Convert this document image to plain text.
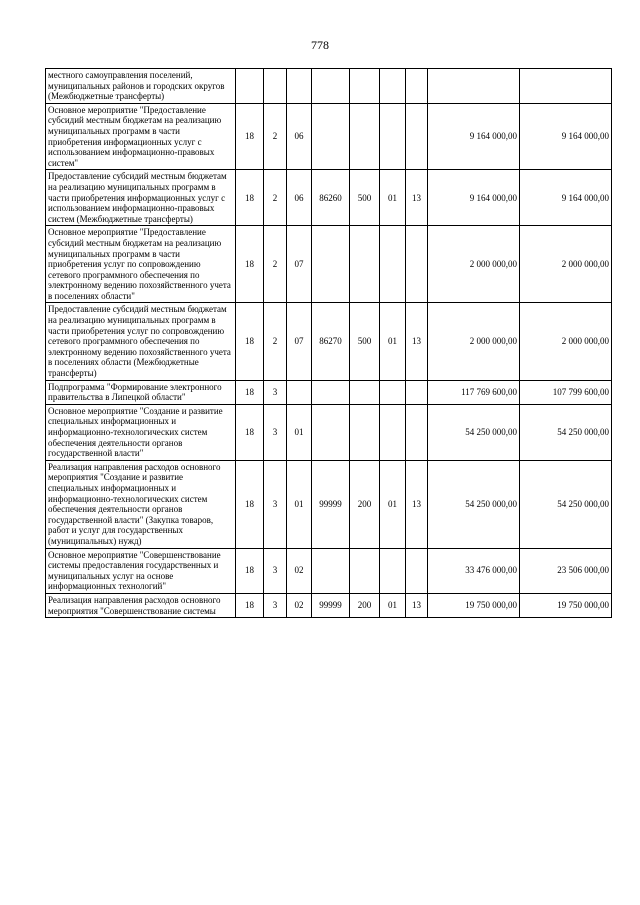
778
местного самоуправления поселений, муниципальных районов и городских округов (Межбюджетные трансферты)									
Основное мероприятие "Предоставление субсидий местным бюджетам на реализацию муниципальных программ в части приобретения информационных услуг с использованием информационно-правовых систем"	18	2	06					9 164 000,00	9 164 000,00
Предоставление субсидий местным бюджетам на реализацию муниципальных программ в части приобретения информационных услуг с использованием информационно-правовых систем (Межбюджетные трансферты)	18	2	06	86260	500	01	13	9 164 000,00	9 164 000,00
Основное мероприятие "Предоставление субсидий местным бюджетам на реализацию муниципальных программ в части приобретения услуг по сопровождению сетевого программного обеспечения по электронному ведению похозяйственного учета в поселениях области"	18	2	07					2 000 000,00	2 000 000,00
Предоставление субсидий местным бюджетам на реализацию муниципальных программ в части приобретения услуг по сопровождению сетевого программного обеспечения по электронному ведению похозяйственного учета в поселениях области (Межбюджетные трансферты)	18	2	07	86270	500	01	13	2 000 000,00	2 000 000,00
Подпрограмма "Формирование электронного правительства в Липецкой области"	18	3						117 769 600,00	107 799 600,00
Основное мероприятие "Создание и развитие специальных информационных и информационно-технологических систем обеспечения деятельности органов государственной власти"	18	3	01					54 250 000,00	54 250 000,00
Реализация направления расходов основного мероприятия "Создание и развитие специальных информационных и информационно-технологических систем обеспечения деятельности органов государственной власти" (Закупка товаров, работ и услуг для государственных (муниципальных) нужд)	18	3	01	99999	200	01	13	54 250 000,00	54 250 000,00
Основное мероприятие "Совершенствование системы предоставления государственных и муниципальных услуг на основе информационных технологий"	18	3	02					33 476 000,00	23 506 000,00
Реализация направления расходов основного мероприятия "Совершенствование системы	18	3	02	99999	200	01	13	19 750 000,00	19 750 000,00
